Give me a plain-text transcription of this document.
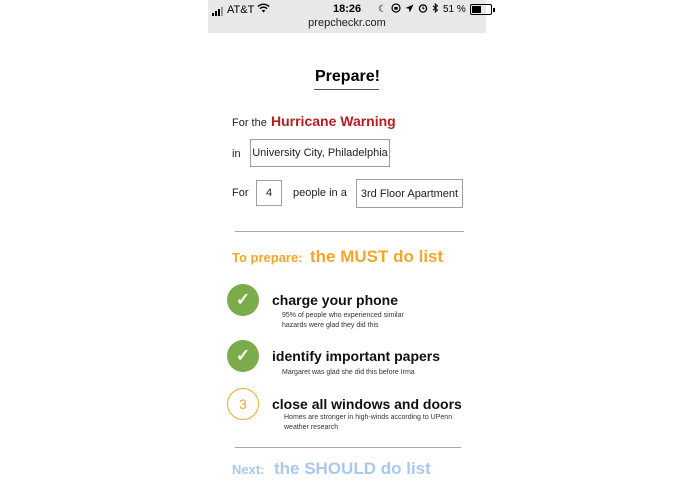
AT&T	18:26 ☾	51 %
prepcheckr.com
Prepare!
For the Hurricane Warning
in University City, Philadelphia
For	4	people in a	3rd Floor Apartment
To prepare: the MUST do list
✓	charge your phone
95% of people who experienced similar
hazards were glad they did this
✓	identify important papers
Margaret was glad she did this before Irma
3	close all windows and doors
Homes are stronger in high-winds according to UPenn
weather research
Next: the SHOULD do list
